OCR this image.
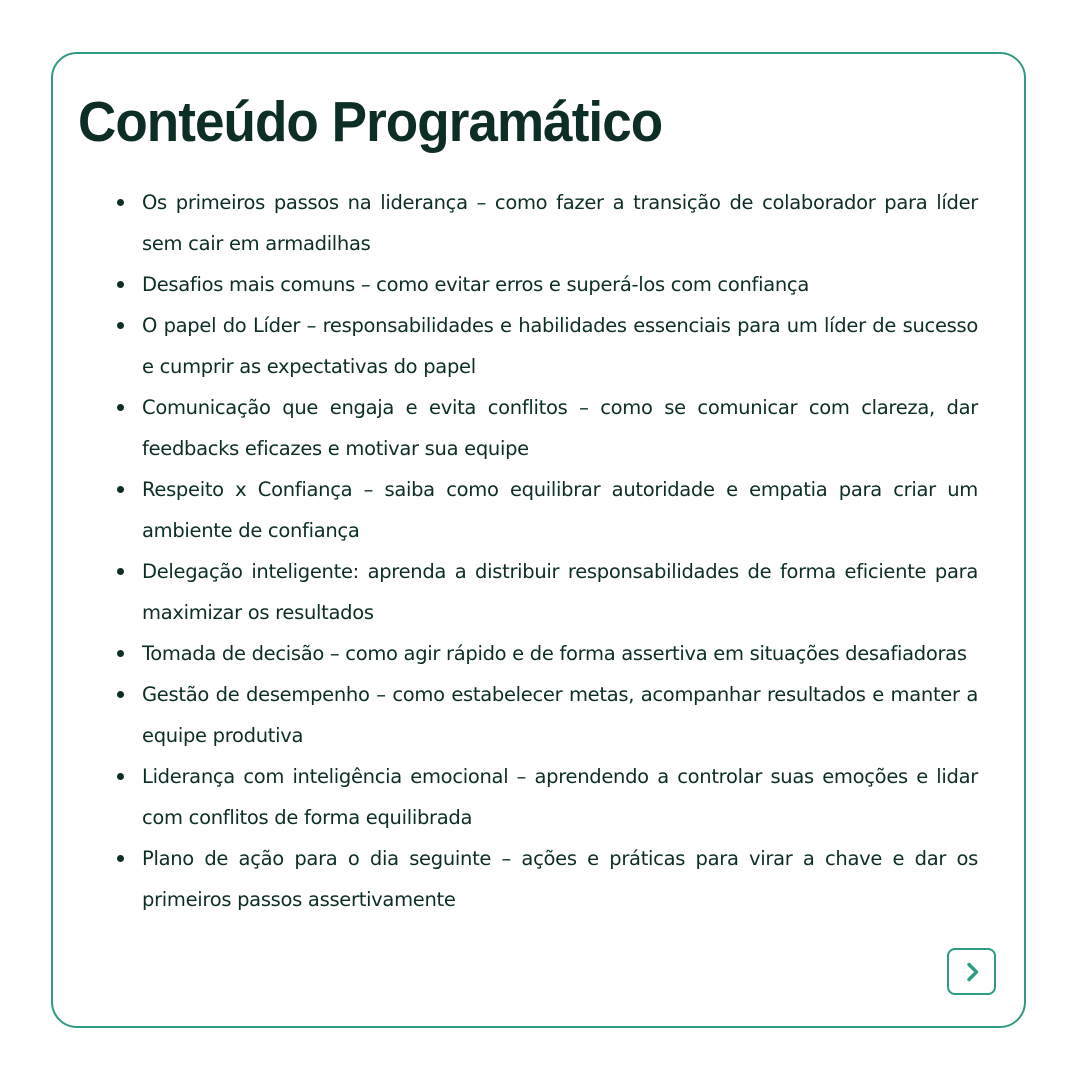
Conteúdo Programático
Os primeiros passos na liderança – como fazer a transição de colaborador para líder sem cair em armadilhas
Desafios mais comuns – como evitar erros e superá-los com confiança
O papel do Líder – responsabilidades e habilidades essenciais para um líder de sucesso e cumprir as expectativas do papel
Comunicação que engaja e evita conflitos – como se comunicar com clareza, dar feedbacks eficazes e motivar sua equipe
Respeito x Confiança – saiba como equilibrar autoridade e empatia para criar um ambiente de confiança
Delegação inteligente: aprenda a distribuir responsabilidades de forma eficiente para maximizar os resultados
Tomada de decisão – como agir rápido e de forma assertiva em situações desafiadoras
Gestão de desempenho – como estabelecer metas, acompanhar resultados e manter a equipe produtiva
Liderança com inteligência emocional – aprendendo a controlar suas emoções e lidar com conflitos de forma equilibrada
Plano de ação para o dia seguinte – ações e práticas para virar a chave e dar os primeiros passos assertivamente
